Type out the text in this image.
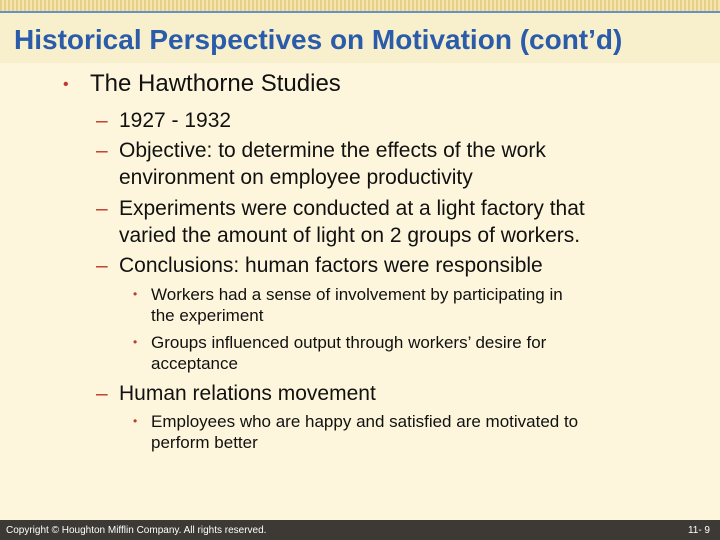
Historical Perspectives on Motivation (cont’d)
• The Hawthorne Studies
– 1927 - 1932
– Objective: to determine the effects of the work
environment on employee productivity
– Experiments were conducted at a light factory that
varied the amount of light on 2 groups of workers.
– Conclusions: human factors were responsible
• Workers had a sense of involvement by participating in
the experiment
• Groups influenced output through workers’ desire for
acceptance
– Human relations movement
• Employees who are happy and satisfied are motivated to
perform better
Copyright © Houghton Mifflin Company. All rights reserved.	11- 9
